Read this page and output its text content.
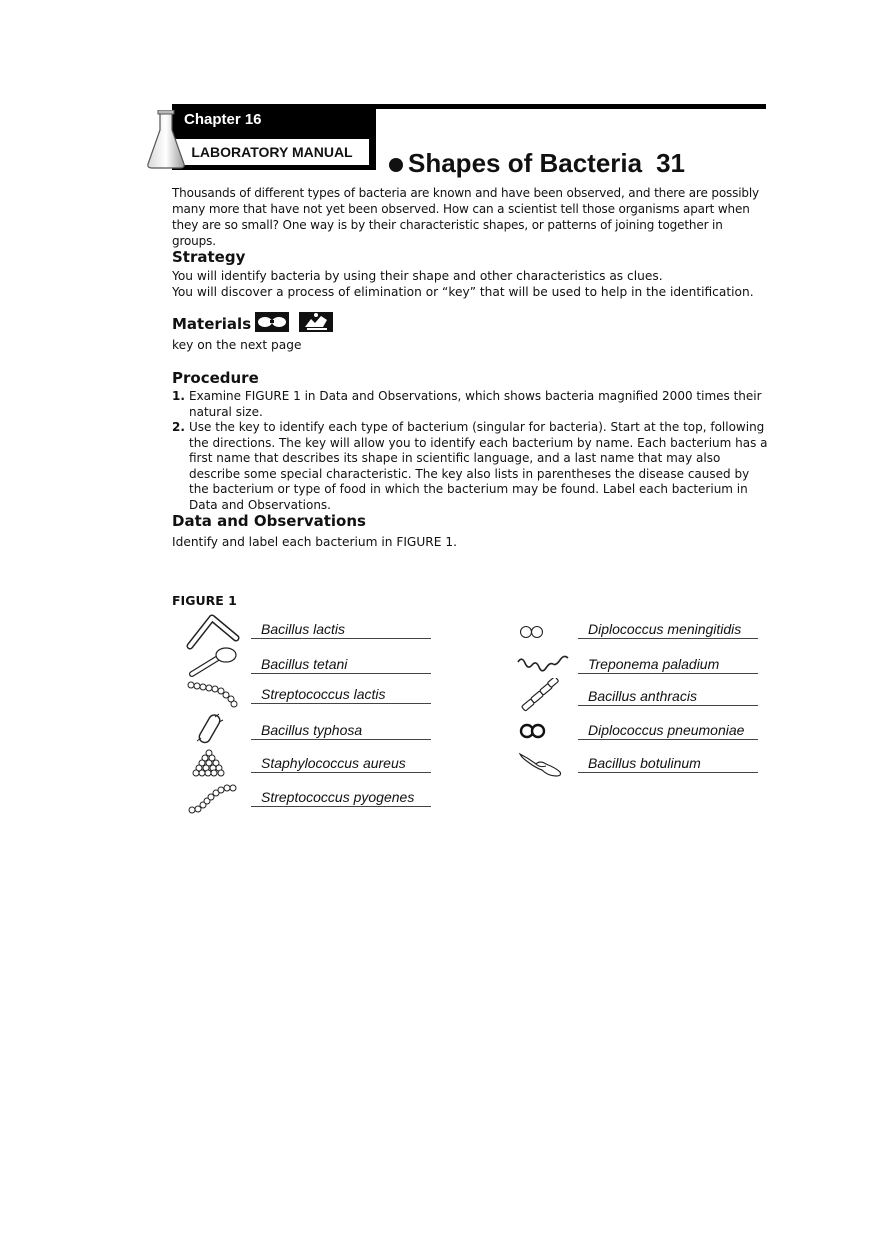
Chapter 16
LABORATORY MANUAL	Shapes of Bacteria 31
Thousands of different types of bacteria are known and have been observed, and there are possibly many more that have not yet been observed. How can a scientist tell those organisms apart when they are so small? One way is by their characteristic shapes, or patterns of joining together in groups.
Strategy
You will identify bacteria by using their shape and other characteristics as clues.
You will discover a process of elimination or “key” that will be used to help in the identification.
Materials
key on the next page
Procedure
1. Examine FIGURE 1 in Data and Observations, which shows bacteria magnified 2000 times their natural size.
2. Use the key to identify each type of bacterium (singular for bacteria). Start at the top, following the directions. The key will allow you to identify each bacterium by name. Each bacterium has a first name that describes its shape in scientific language, and a last name that may also describe some special characteristic. The key also lists in parentheses the disease caused by the bacterium or type of food in which the bacterium may be found. Label each bacterium in Data and Observations.
Data and Observations
Identify and label each bacterium in FIGURE 1.
FIGURE 1
Bacillus lactis
Bacillus tetani
Streptococcus lactis
Bacillus typhosa
Staphylococcus aureus
Streptococcus pyogenes
Diplococcus meningitidis
Treponema paladium
Bacillus anthracis
Diplococcus pneumoniae
Bacillus botulinum
